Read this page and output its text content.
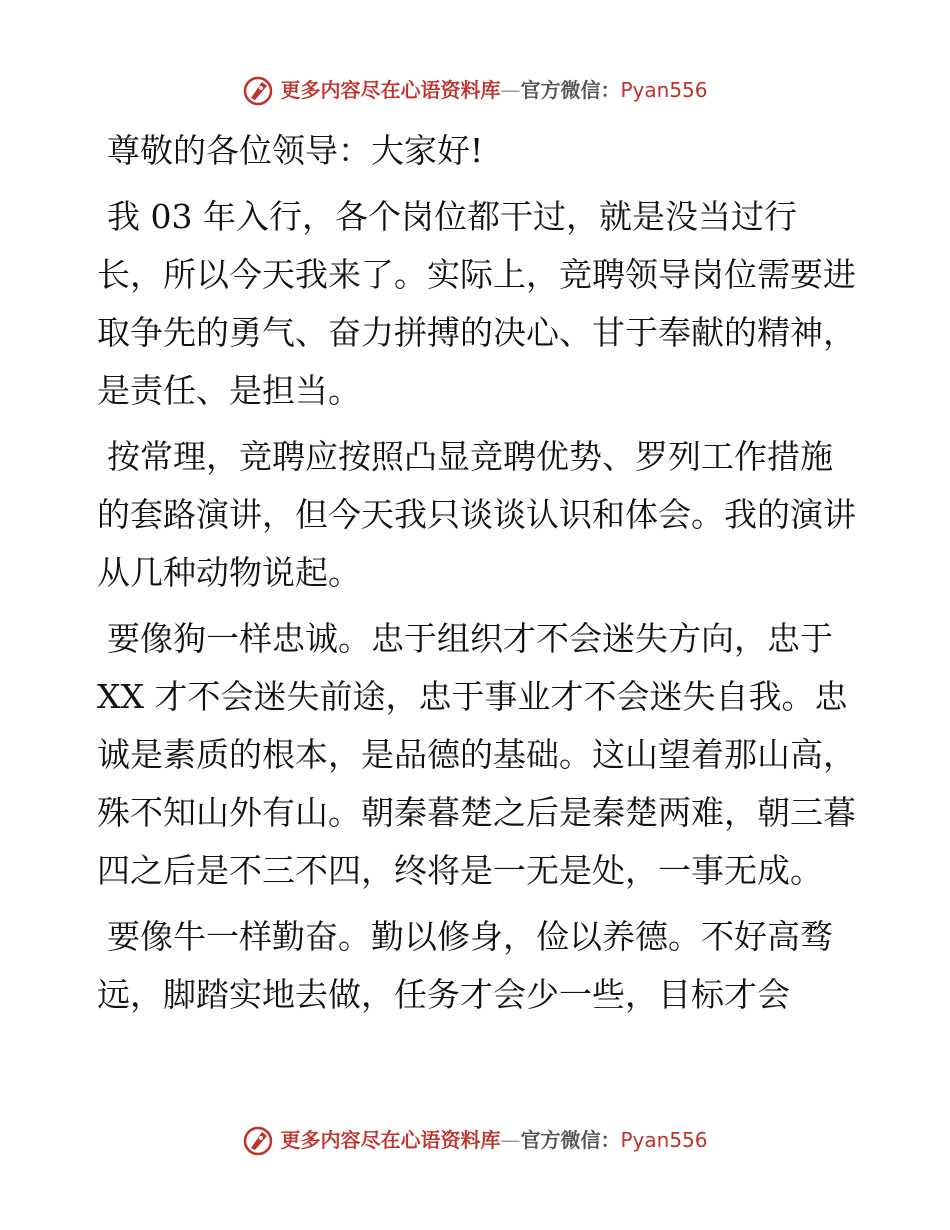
更多内容尽在心语资料库 — 官方微信： Pyan556

尊敬的各位领导：大家好!

我 03 年入行，各个岗位都干过，就是没当过行长，所以今天我来了。实际上，竞聘领导岗位需要进取争先的勇气、奋力拼搏的决心、甘于奉献的精神，是责任、是担当。

按常理，竞聘应按照凸显竞聘优势、罗列工作措施的套路演讲，但今天我只谈谈认识和体会。我的演讲从几种动物说起。

要像狗一样忠诚。忠于组织才不会迷失方向，忠于 XX 才不会迷失前途，忠于事业才不会迷失自我。忠诚是素质的根本，是品德的基础。这山望着那山高，殊不知山外有山。朝秦暮楚之后是秦楚两难，朝三暮四之后是不三不四，终将是一无是处，一事无成。

要像牛一样勤奋。勤以修身，俭以养德。不好高骛远，脚踏实地去做，任务才会少一些，目标才会

更多内容尽在心语资料库 — 官方微信： Pyan556
